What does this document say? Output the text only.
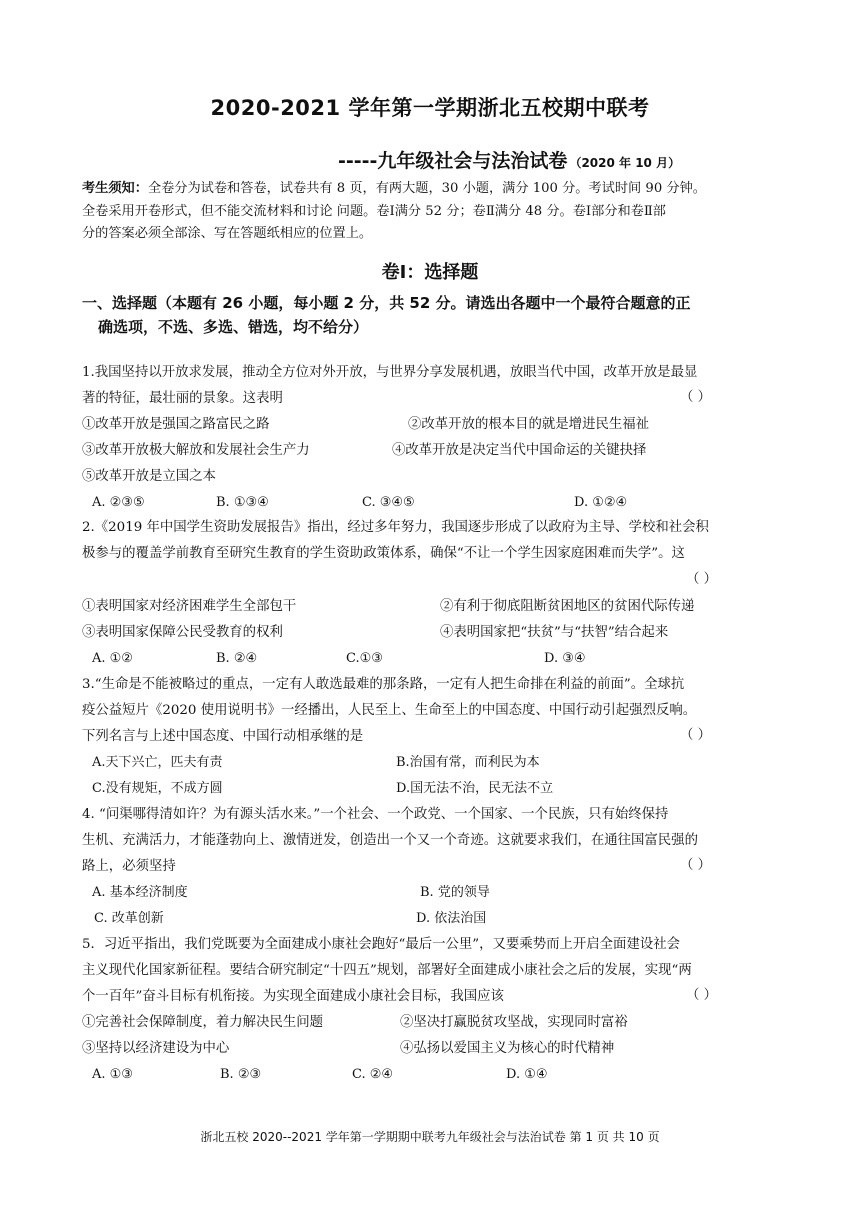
2020-2021 学年第一学期浙北五校期中联考
-----九年级社会与法治试卷 （2020 年 10 月）
考生须知：全卷分为试卷和答卷，试卷共有 8 页，有两大题，30 小题，满分 100 分。考试时间 90 分钟。
全卷采用开卷形式，但不能交流材料和讨论 问题。卷Ⅰ满分 52 分；卷Ⅱ满分 48 分。卷Ⅰ部分和卷Ⅱ部
分的答案必须全部涂、写在答题纸相应的位置上。
卷Ⅰ：选择题
一、选择题（本题有 26 小题，每小题 2 分，共 52 分。请选出各题中一个最符合题意的正
确选项，不选、多选、错选，均不给分）
1.我国坚持以开放求发展，推动全方位对外开放，与世界分享发展机遇，放眼当代中国，改革开放是最显
著的特征，最壮丽的景象。这表明	（ ）
①改革开放是强国之路富民之路	②改革开放的根本目的就是增进民生福祉
③改革开放极大解放和发展社会生产力	④改革开放是决定当代中国命运的关键抉择
⑤改革开放是立国之本
A. ②③⑤	B. ①③④	C. ③④⑤	D. ①②④
2.《2019 年中国学生资助发展报告》指出，经过多年努力，我国逐步形成了以政府为主导、学校和社会积
极参与的覆盖学前教育至研究生教育的学生资助政策体系，确保“不让一个学生因家庭困难而失学”。这
（ ）
①表明国家对经济困难学生全部包干	②有利于彻底阻断贫困地区的贫困代际传递
③表明国家保障公民受教育的权利	④表明国家把“扶贫”与“扶智”结合起来
A. ①②	B. ②④	C.①③	D. ③④
3.“生命是不能被略过的重点，一定有人敢选最难的那条路，一定有人把生命排在利益的前面”。全球抗
疫公益短片《2020 使用说明书》一经播出，人民至上、生命至上的中国态度、中国行动引起强烈反响。
下列名言与上述中国态度、中国行动相承继的是	（ ）
A.天下兴亡，匹夫有责	B.治国有常，而利民为本
C.没有规矩，不成方圆	D.国无法不治，民无法不立
4. “问渠哪得清如许？为有源头活水来。”一个社会、一个政党、一个国家、一个民族，只有始终保持
生机、充满活力，才能蓬勃向上、激情迸发，创造出一个又一个奇迹。这就要求我们，在通往国富民强的
路上，必须坚持	（ ）
A. 基本经济制度	B. 党的领导
C. 改革创新	D. 依法治国
5．习近平指出，我们党既要为全面建成小康社会跑好“最后一公里”，又要乘势而上开启全面建设社会
主义现代化国家新征程。要结合研究制定“十四五”规划，部署好全面建成小康社会之后的发展，实现“两
个一百年”奋斗目标有机衔接。为实现全面建成小康社会目标，我国应该	（ ）
①完善社会保障制度，着力解决民生问题	②坚决打赢脱贫攻坚战，实现同时富裕
③坚持以经济建设为中心	④弘扬以爱国主义为核心的时代精神
A. ①③	B. ②③	C. ②④	D. ①④
浙北五校 2020--2021 学年第一学期期中联考九年级社会与法治试卷 第 1 页 共 10 页
